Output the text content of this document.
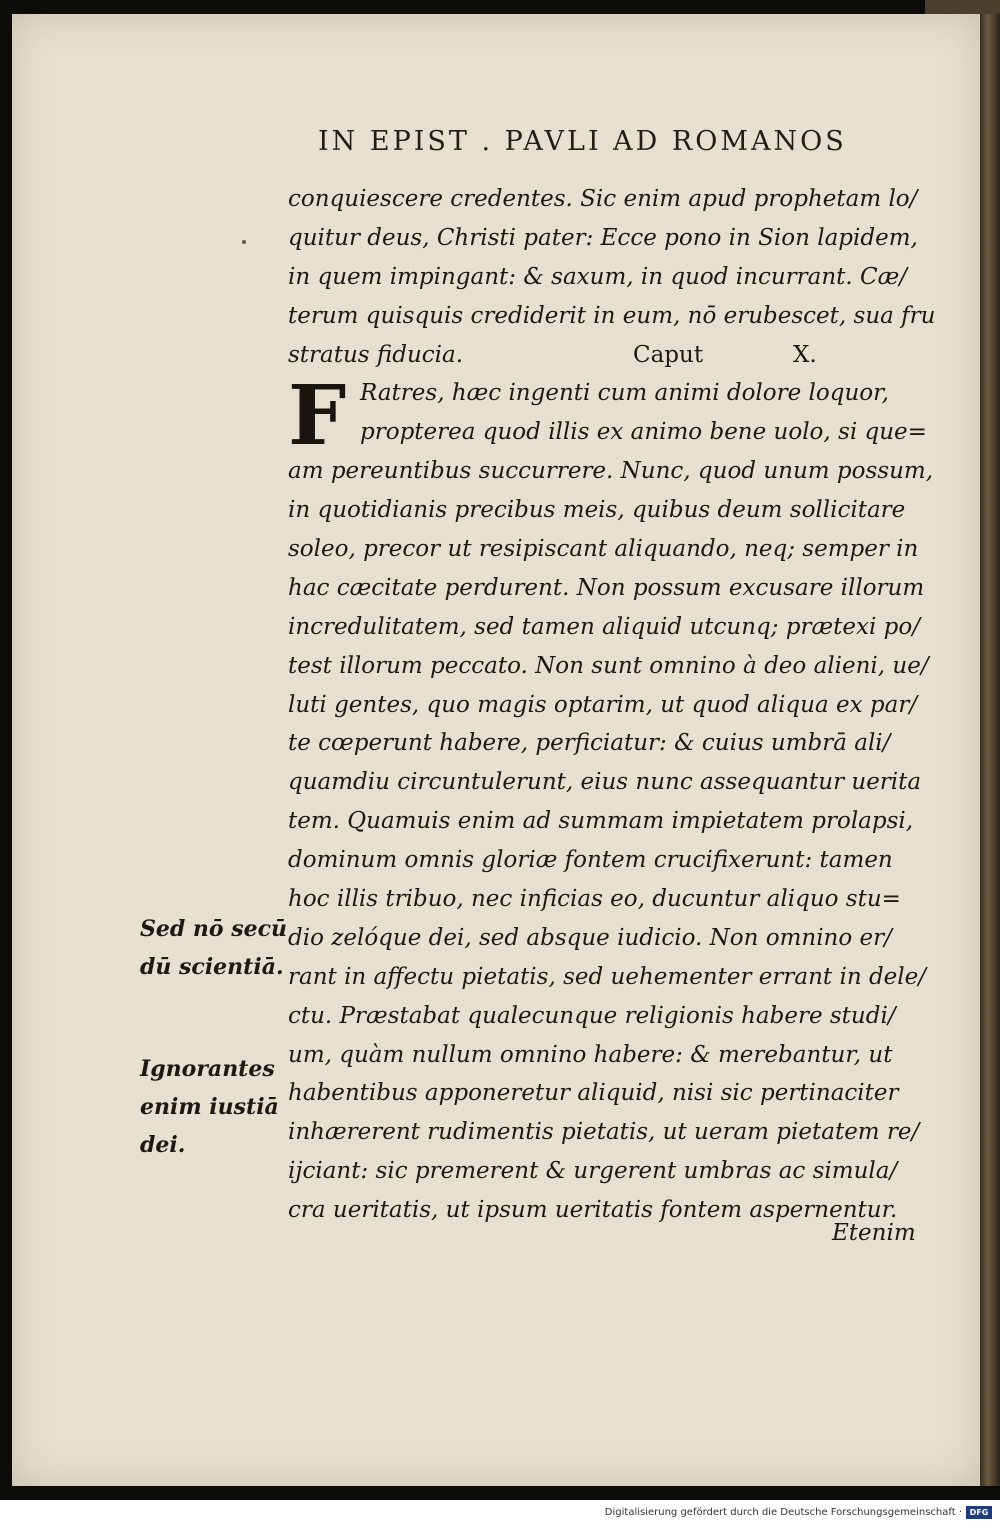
IN EPIST . PAVLI AD ROMANOS
F
conquiescere credentes. Sic enim apud prophetam lo/
quitur deus, Christi pater: Ecce pono in Sion lapidem,
in quem impingant: & saxum, in quod incurrant. Cæ/
terum quisquis crediderit in eum, nō erubescet, sua fru
stratus fiducia.	Caput	X.
Ratres, hæc ingenti cum animi dolore loquor,
propterea quod illis ex animo bene uolo, si que=
am pereuntibus succurrere. Nunc, quod unum possum,
in quotidianis precibus meis, quibus deum sollicitare
soleo, precor ut resipiscant aliquando, neq; semper in
hac cæcitate perdurent. Non possum excusare illorum
incredulitatem, sed tamen aliquid utcunq; prætexi po/
test illorum peccato. Non sunt omnino à deo alieni, ue/
luti gentes, quo magis optarim, ut quod aliqua ex par/
te cœperunt habere, perficiatur: & cuius umbrā ali/
quamdiu circuntulerunt, eius nunc assequantur uerita
tem. Quamuis enim ad summam impietatem prolapsi,
dominum omnis gloriæ fontem crucifixerunt: tamen
hoc illis tribuo, nec inficias eo, ducuntur aliquo stu=
dio zelóque dei, sed absque iudicio. Non omnino er/
rant in affectu pietatis, sed uehementer errant in dele/
ctu. Præstabat qualecunque religionis habere studi/
um, quàm nullum omnino habere: & merebantur, ut
habentibus apponeretur aliquid, nisi sic pertinaciter
inhærerent rudimentis pietatis, ut ueram pietatem re/
ijciant: sic premerent & urgerent umbras ac simula/
cra ueritatis, ut ipsum ueritatis fontem aspernentur.
Etenim
Sed nō secū
dū scientiā.
Ignorantes
enim iustiā
dei.
Digitalisierung gefördert durch die Deutsche Forschungsgemeinschaft · DFG
